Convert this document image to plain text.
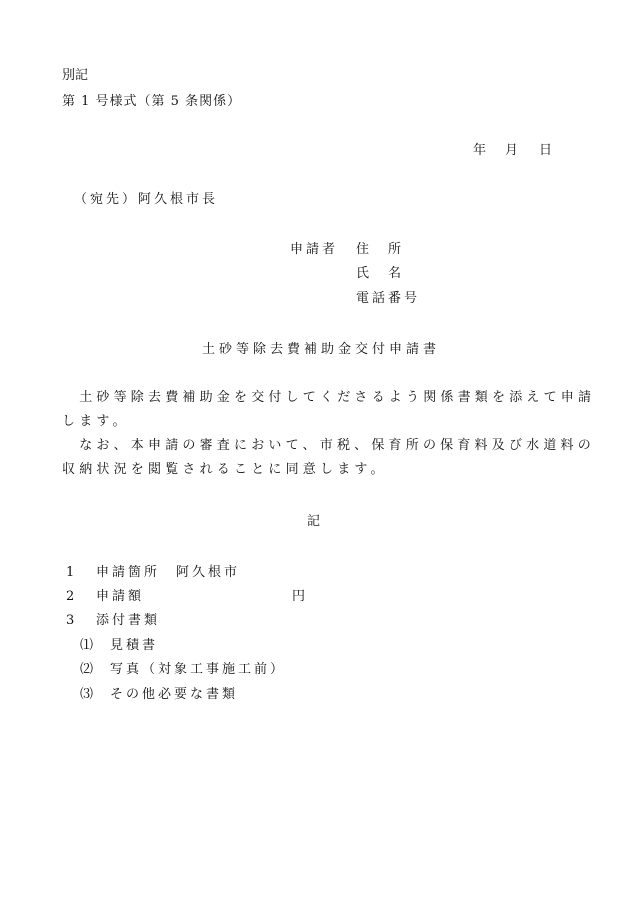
別記
第 1 号様式（第 5 条関係）
年 月 日
（宛先）阿久根市長
申請者 住　所
氏　名
電話番号
土砂等除去費補助金交付申請書
　土砂等除去費補助金を交付してくださるよう関係書類を添えて申請
します。
　なお、本申請の審査において、市税、保育所の保育料及び水道料の
収納状況を閲覧されることに同意します。
記
1 申請箇所 阿久根市
2 申請額	円
3 添付書類
⑴ 見積書
⑵ 写真（対象工事施工前）
⑶ その他必要な書類
